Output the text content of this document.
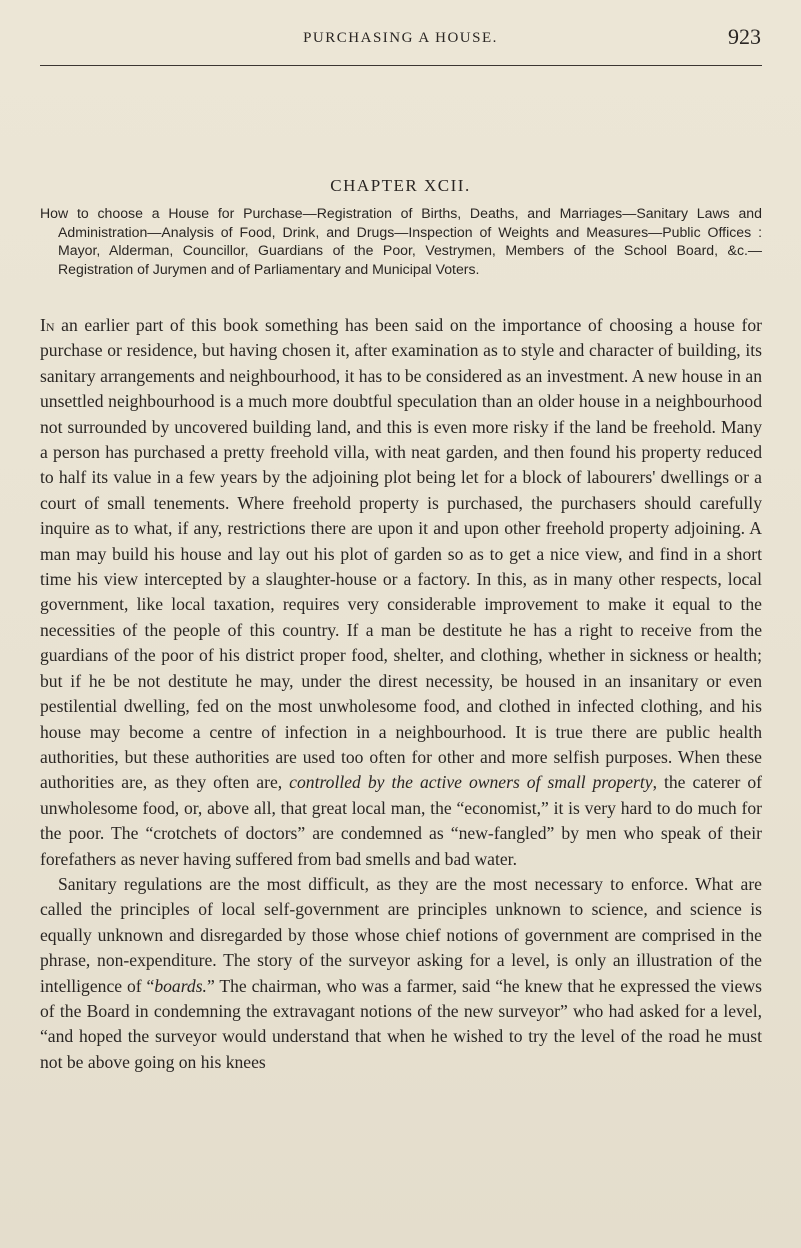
PURCHASING A HOUSE.	923
CHAPTER XCII.
How to choose a House for Purchase—Registration of Births, Deaths, and Marriages—Sanitary Laws and Administration—Analysis of Food, Drink, and Drugs—Inspection of Weights and Measures—Public Offices : Mayor, Alderman, Councillor, Guardians of the Poor, Vestrymen, Members of the School Board, &c.—Registration of Jurymen and of Parliamentary and Municipal Voters.

In an earlier part of this book something has been said on the importance of choosing a house for purchase or residence, but having chosen it, after examination as to style and character of building, its sanitary arrangements and neighbourhood, it has to be considered as an investment. A new house in an unsettled neighbourhood is a much more doubtful speculation than an older house in a neighbourhood not surrounded by uncovered building land, and this is even more risky if the land be freehold. Many a person has purchased a pretty freehold villa, with neat garden, and then found his property reduced to half its value in a few years by the adjoining plot being let for a block of labourers' dwellings or a court of small tenements. Where freehold property is purchased, the purchasers should carefully inquire as to what, if any, restrictions there are upon it and upon other freehold property adjoining. A man may build his house and lay out his plot of garden so as to get a nice view, and find in a short time his view intercepted by a slaughter-house or a factory. In this, as in many other respects, local government, like local taxation, requires very considerable improvement to make it equal to the necessities of the people of this country. If a man be destitute he has a right to receive from the guardians of the poor of his district proper food, shelter, and clothing, whether in sickness or health; but if he be not destitute he may, under the direst necessity, be housed in an insanitary or even pestilential dwelling, fed on the most unwholesome food, and clothed in infected clothing, and his house may become a centre of infection in a neighbourhood. It is true there are public health authorities, but these authorities are used too often for other and more selfish purposes. When these authorities are, as they often are, controlled by the active owners of small property, the caterer of unwholesome food, or, above all, that great local man, the “economist,” it is very hard to do much for the poor. The “crotchets of doctors” are condemned as “new-fangled” by men who speak of their forefathers as never having suffered from bad smells and bad water.

Sanitary regulations are the most difficult, as they are the most necessary to enforce. What are called the principles of local self-government are principles unknown to science, and science is equally unknown and disregarded by those whose chief notions of government are comprised in the phrase, non-expenditure. The story of the surveyor asking for a level, is only an illustration of the intelligence of “boards.” The chairman, who was a farmer, said “he knew that he expressed the views of the Board in condemning the extravagant notions of the new surveyor” who had asked for a level, “and hoped the surveyor would understand that when he wished to try the level of the road he must not be above going on his knees
